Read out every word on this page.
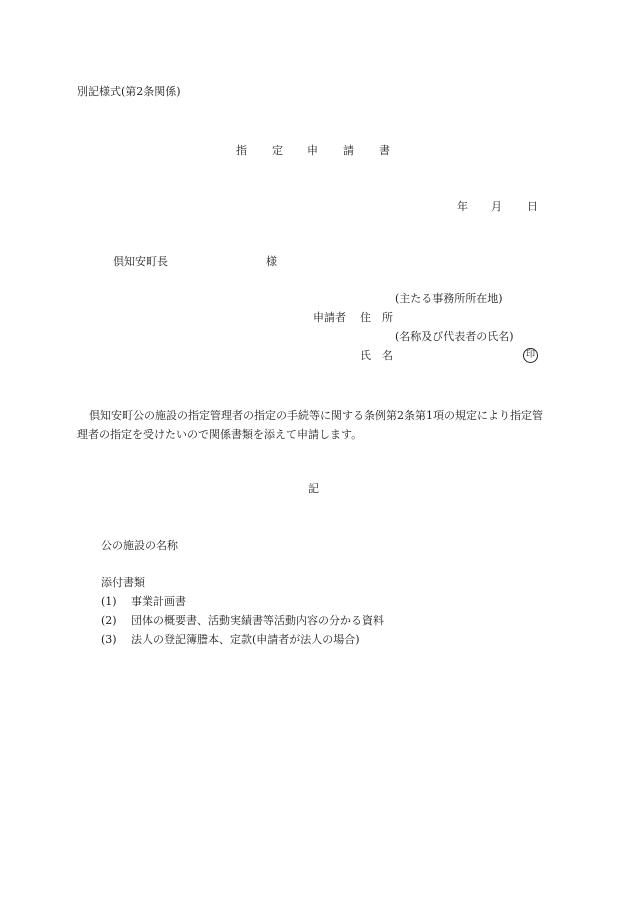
別記様式(第2条関係)
指 定 申 請 書
年 月 日
倶知安町長	様
(主たる事務所所在地)
申請者 住　所
(名称及び代表者の氏名)
氏　名	印
倶知安町公の施設の指定管理者の指定の手続等に関する条例第2条第1項の規定により指定管理者の指定を受けたいので関係書類を添えて申請します。
記
公の施設の名称
添付書類
(1) 事業計画書
(2) 団体の概要書、活動実績書等活動内容の分かる資料
(3) 法人の登記簿謄本、定款(申請者が法人の場合)
